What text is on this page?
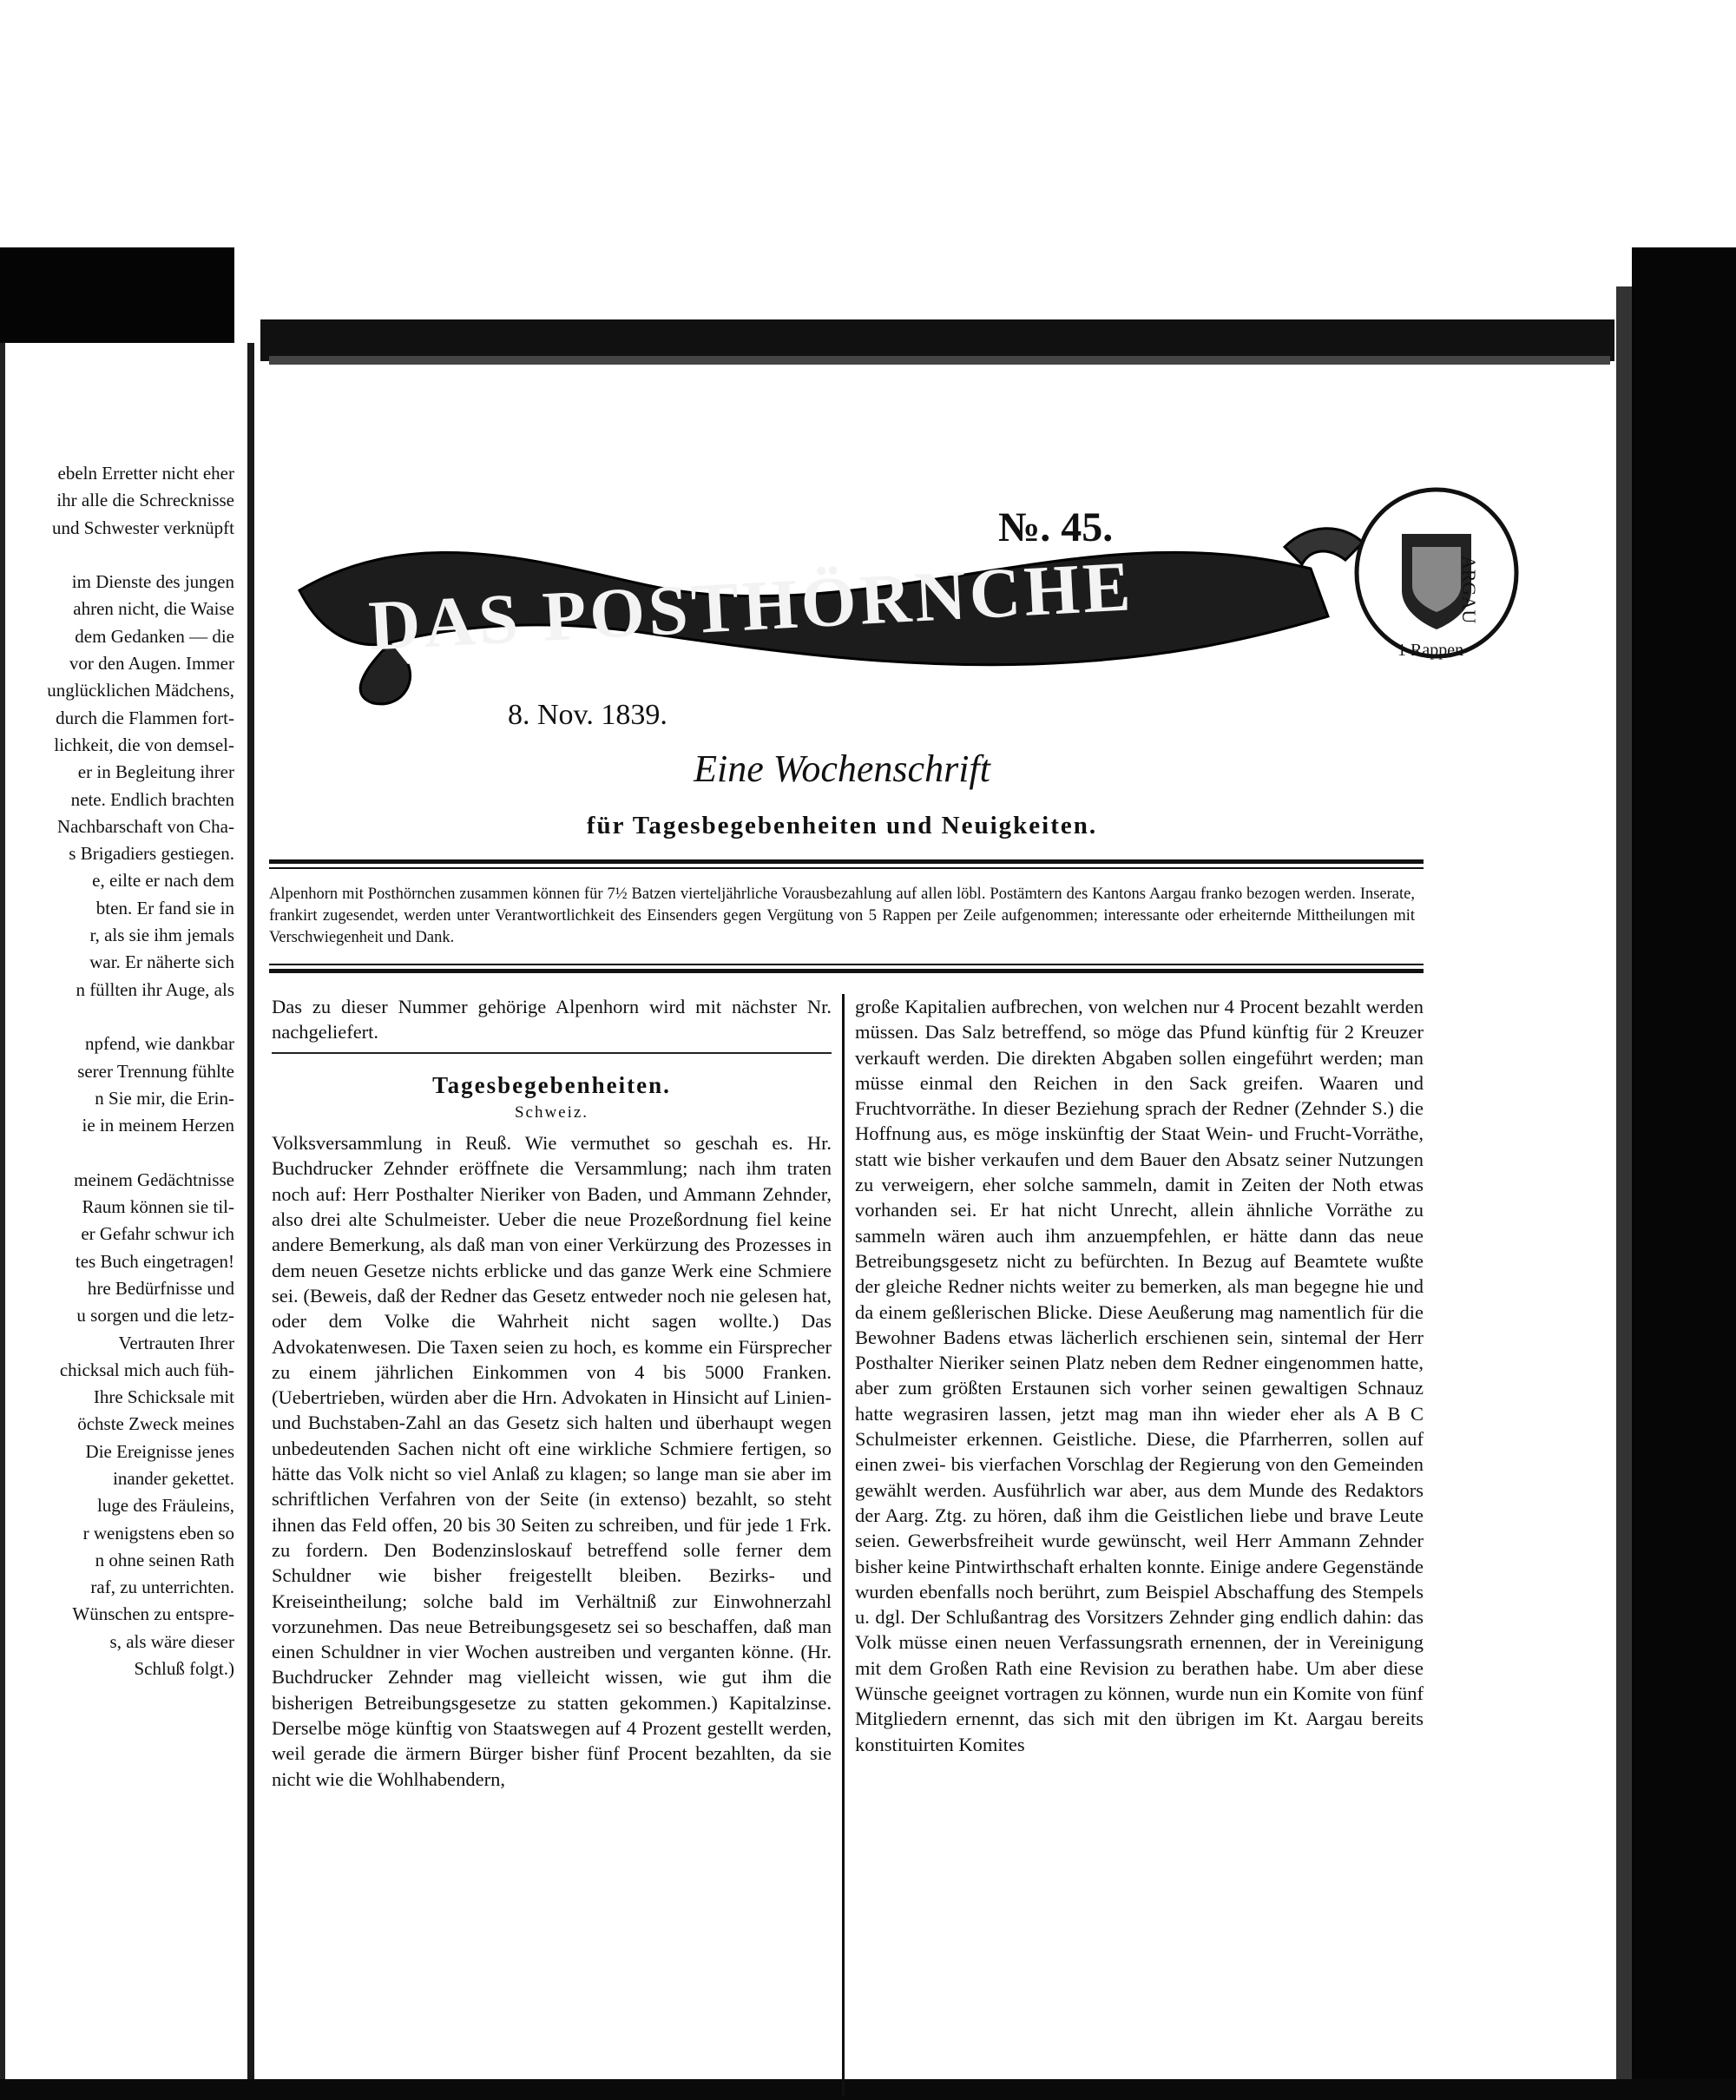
ebeln Erretter nicht eher
ihr alle die Schrecknisse
und Schwester verknüpft
im Dienste des jungen
ahren nicht, die Waise
dem Gedanken — die
vor den Augen. Immer
unglücklichen Mädchens,
durch die Flammen fort-
lichkeit, die von demsel-
er in Begleitung ihrer
nete. Endlich brachten
Nachbarschaft von Cha-
s Brigadiers gestiegen.
e, eilte er nach dem
bten. Er fand sie in
r, als sie ihm jemals
war. Er näherte sich
n füllten ihr Auge, als
npfend, wie dankbar
serer Trennung fühlte
n Sie mir, die Erin-
ie in meinem Herzen
meinem Gedächtnisse
Raum können sie til-
er Gefahr schwur ich
tes Buch eingetragen!
hre Bedürfnisse und
u sorgen und die letz-
Vertrauten Ihrer
chicksal mich auch füh-
Ihre Schicksale mit
öchste Zweck meines
Die Ereignisse jenes
inander gekettet.
luge des Fräuleins,
r wenigstens eben so
n ohne seinen Rath
raf, zu unterrichten.
Wünschen zu entspre-
s, als wäre dieser
Schluß folgt.)
DAS POSTHÖRNCHE
№. 45.
8. Nov. 1839.
ARGAU
1 Rappen
Eine Wochenschrift
für Tagesbegebenheiten und Neuigkeiten.
Alpenhorn mit Posthörnchen zusammen können für 7½ Batzen vierteljährliche Vorausbezahlung auf allen löbl. Postämtern des Kantons Aargau franko bezogen werden. Inserate, frankirt zugesendet, werden unter Verantwortlichkeit des Einsenders gegen Vergütung von 5 Rappen per Zeile aufgenommen; interessante oder erheiternde Mittheilungen mit Verschwiegenheit und Dank.

Das zu dieser Nummer gehörige Alpenhorn wird mit nächster Nr. nachgeliefert.

Tagesbegebenheiten.

Schweiz.

Volksversammlung in Reuß. Wie vermuthet so geschah es. Hr. Buchdrucker Zehnder eröffnete die Versammlung; nach ihm traten noch auf: Herr Posthalter Nieriker von Baden, und Ammann Zehnder, also drei alte Schulmeister. Ueber die neue Prozeßordnung fiel keine andere Bemerkung, als daß man von einer Verkürzung des Prozesses in dem neuen Gesetze nichts erblicke und das ganze Werk eine Schmiere sei. (Beweis, daß der Redner das Gesetz entweder noch nie gelesen hat, oder dem Volke die Wahrheit nicht sagen wollte.) Das Advokatenwesen. Die Taxen seien zu hoch, es komme ein Fürsprecher zu einem jährlichen Einkommen von 4 bis 5000 Franken. (Uebertrieben, würden aber die Hrn. Advokaten in Hinsicht auf Linien- und Buchstaben-Zahl an das Gesetz sich halten und überhaupt wegen unbedeutenden Sachen nicht oft eine wirkliche Schmiere fertigen, so hätte das Volk nicht so viel Anlaß zu klagen; so lange man sie aber im schriftlichen Verfahren von der Seite (in extenso) bezahlt, so steht ihnen das Feld offen, 20 bis 30 Seiten zu schreiben, und für jede 1 Frk. zu fordern. Den Bodenzinsloskauf betreffend solle ferner dem Schuldner wie bisher freigestellt bleiben. Bezirks- und Kreiseintheilung; solche bald im Verhältniß zur Einwohnerzahl vorzunehmen. Das neue Betreibungsgesetz sei so beschaffen, daß man einen Schuldner in vier Wochen austreiben und verganten könne. (Hr. Buchdrucker Zehnder mag vielleicht wissen, wie gut ihm die bisherigen Betreibungsgesetze zu statten gekommen.) Kapitalzinse. Derselbe möge künftig von Staatswegen auf 4 Prozent gestellt werden, weil gerade die ärmern Bürger bisher fünf Procent bezahlten, da sie nicht wie die Wohlhabendern,

große Kapitalien aufbrechen, von welchen nur 4 Procent bezahlt werden müssen. Das Salz betreffend, so möge das Pfund künftig für 2 Kreuzer verkauft werden. Die direkten Abgaben sollen eingeführt werden; man müsse einmal den Reichen in den Sack greifen. Waaren und Fruchtvorräthe. In dieser Beziehung sprach der Redner (Zehnder S.) die Hoffnung aus, es möge inskünftig der Staat Wein- und Frucht-Vorräthe, statt wie bisher verkaufen und dem Bauer den Absatz seiner Nutzungen zu verweigern, eher solche sammeln, damit in Zeiten der Noth etwas vorhanden sei. Er hat nicht Unrecht, allein ähnliche Vorräthe zu sammeln wären auch ihm anzuempfehlen, er hätte dann das neue Betreibungsgesetz nicht zu befürchten. In Bezug auf Beamtete wußte der gleiche Redner nichts weiter zu bemerken, als man begegne hie und da einem geßlerischen Blicke. Diese Aeußerung mag namentlich für die Bewohner Badens etwas lächerlich erschienen sein, sintemal der Herr Posthalter Nieriker seinen Platz neben dem Redner eingenommen hatte, aber zum größten Erstaunen sich vorher seinen gewaltigen Schnauz hatte wegrasiren lassen, jetzt mag man ihn wieder eher als A B C Schulmeister erkennen. Geistliche. Diese, die Pfarrherren, sollen auf einen zwei- bis vierfachen Vorschlag der Regierung von den Gemeinden gewählt werden. Ausführlich war aber, aus dem Munde des Redaktors der Aarg. Ztg. zu hören, daß ihm die Geistlichen liebe und brave Leute seien. Gewerbsfreiheit wurde gewünscht, weil Herr Ammann Zehnder bisher keine Pintwirthschaft erhalten konnte. Einige andere Gegenstände wurden ebenfalls noch berührt, zum Beispiel Abschaffung des Stempels u. dgl. Der Schlußantrag des Vorsitzers Zehnder ging endlich dahin: das Volk müsse einen neuen Verfassungsrath ernennen, der in Vereinigung mit dem Großen Rath eine Revision zu berathen habe. Um aber diese Wünsche geeignet vortragen zu können, wurde nun ein Komite von fünf Mitgliedern ernennt, das sich mit den übrigen im Kt. Aargau bereits konstituirten Komites
